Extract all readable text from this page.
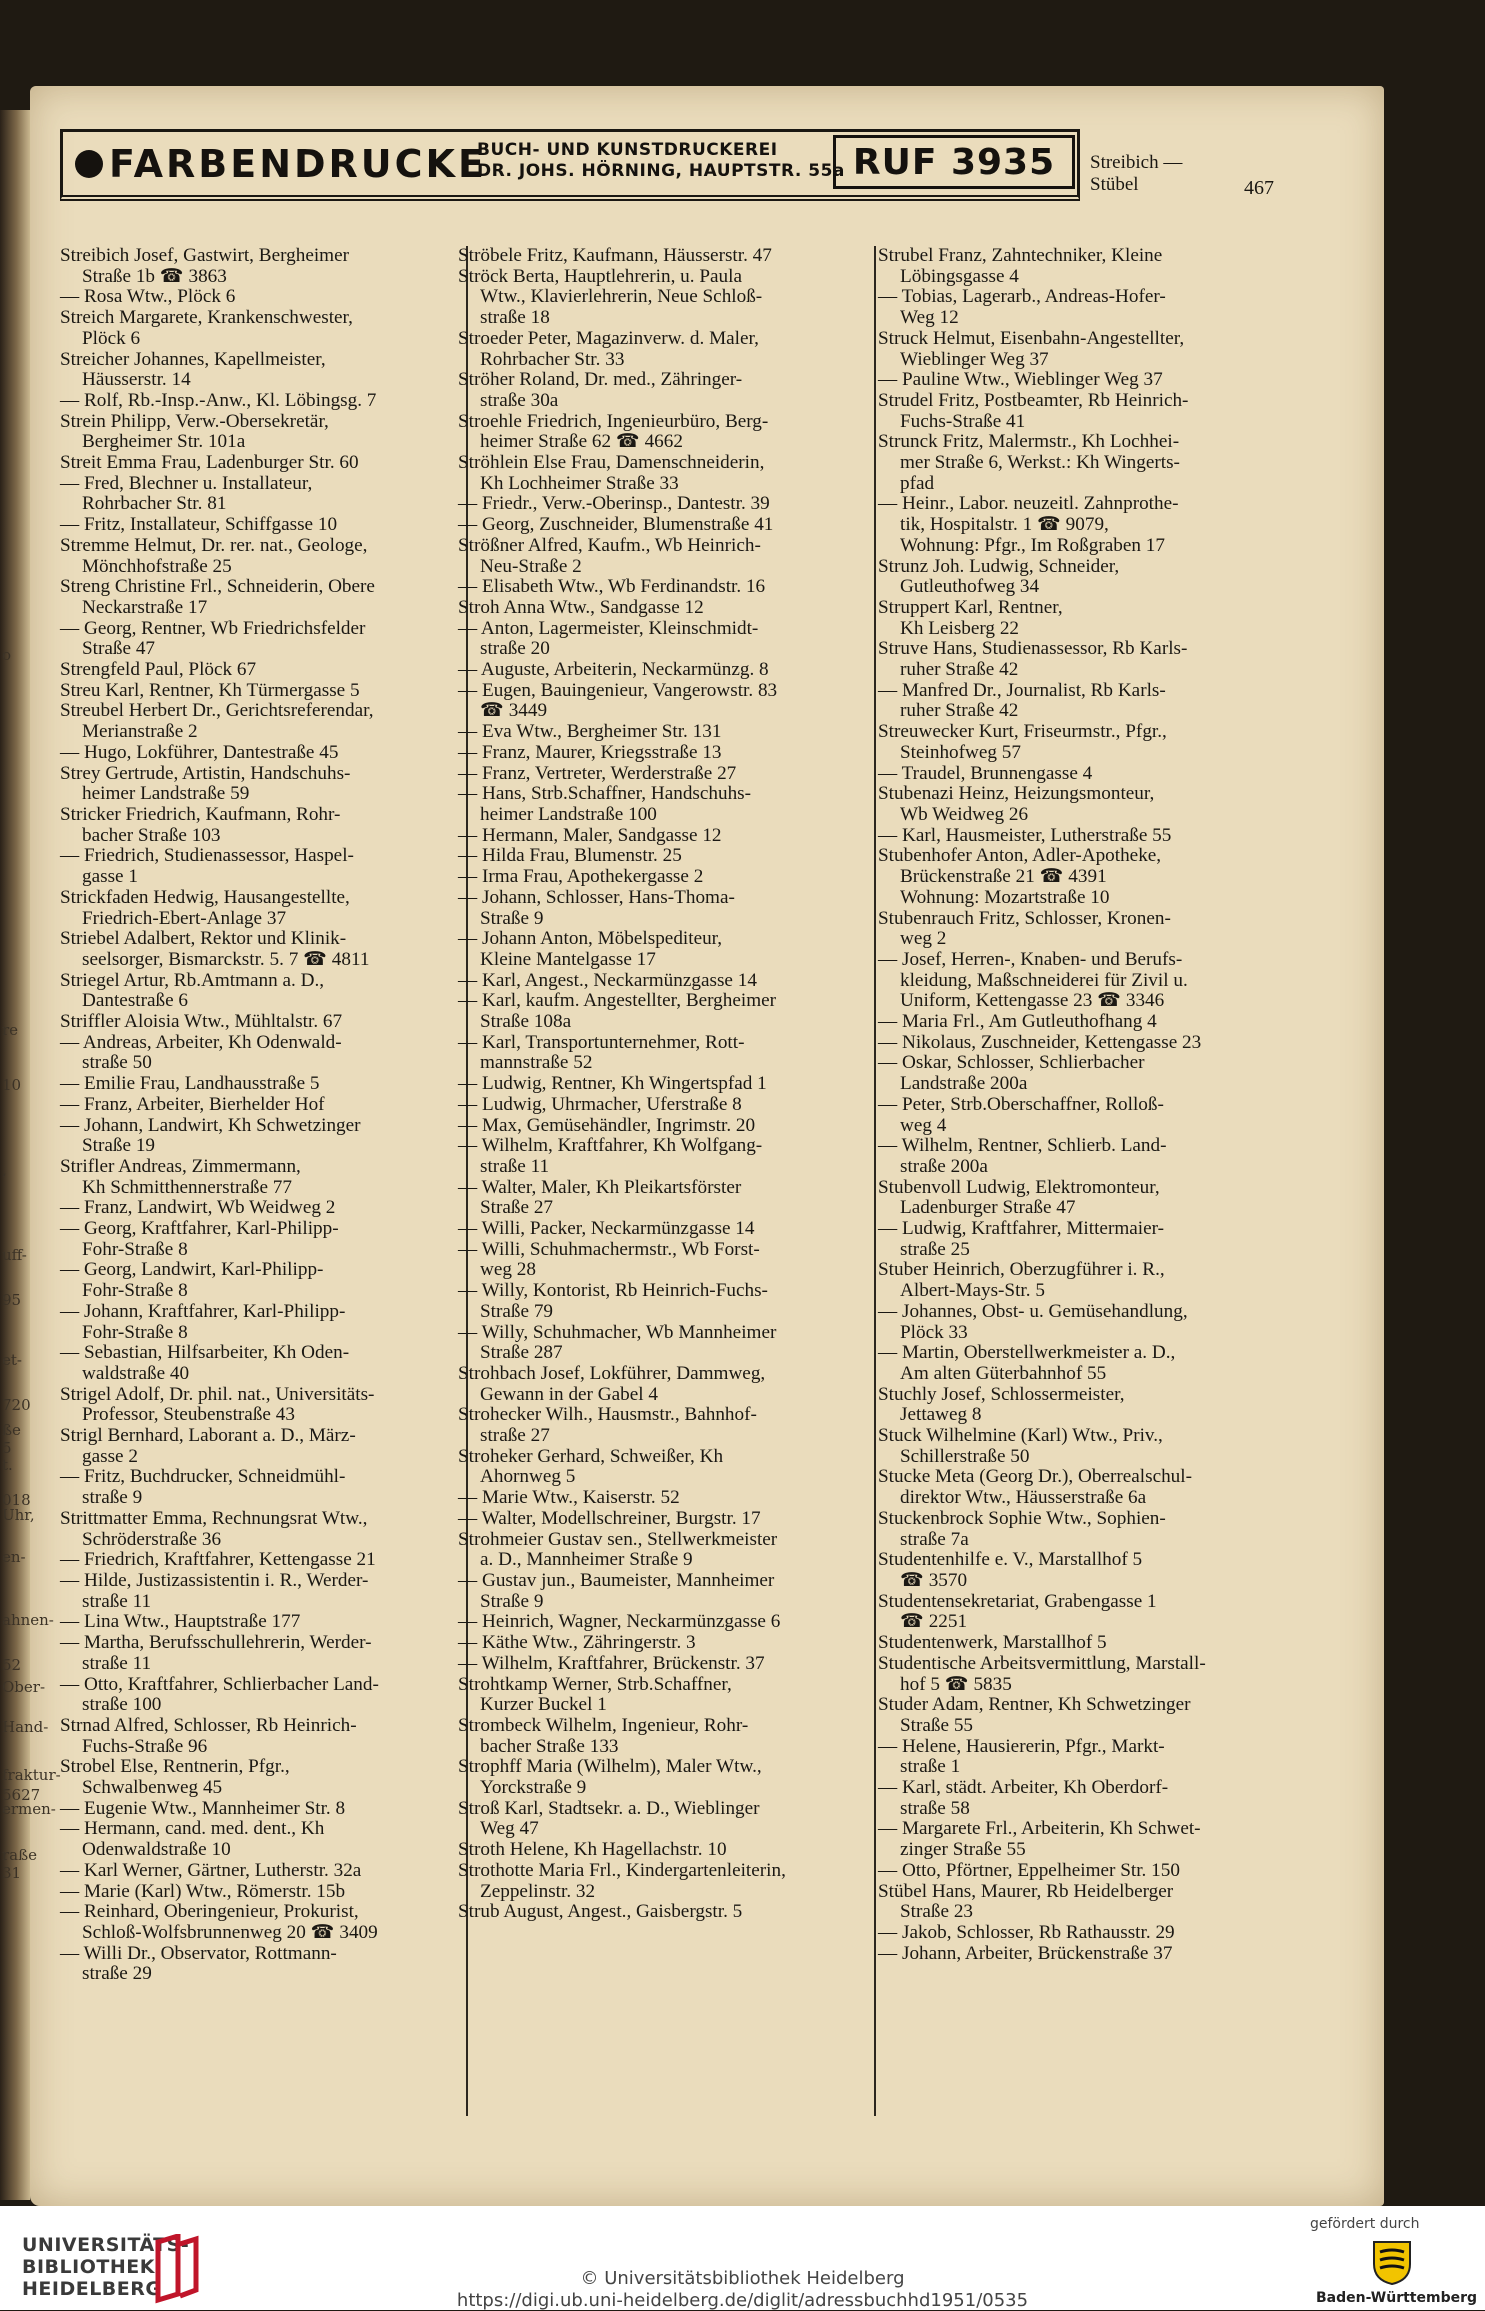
FARBENDRUCKE
BUCH- UND KUNSTDRUCKEREI
DR. JOHS. HÖRNING, HAUPTSTR. 55a RUF 3935	Streibich —
Stübel	467
Streibich Josef, Gastwirt, Bergheimer
Straße 1b ☎ 3863
— Rosa Wtw., Plöck 6
Streich Margarete, Krankenschwester,
Plöck 6
Streicher Johannes, Kapellmeister,
Häusserstr. 14
— Rolf, Rb.-Insp.-Anw., Kl. Löbingsg. 7
Strein Philipp, Verw.-Obersekretär,
Bergheimer Str. 101a
Streit Emma Frau, Ladenburger Str. 60
— Fred, Blechner u. Installateur,
Rohrbacher Str. 81
— Fritz, Installateur, Schiffgasse 10
Stremme Helmut, Dr. rer. nat., Geologe,
Mönchhofstraße 25
Streng Christine Frl., Schneiderin, Obere
Neckarstraße 17
— Georg, Rentner, Wb Friedrichsfelder
Straße 47
Strengfeld Paul, Plöck 67
Streu Karl, Rentner, Kh Türmergasse 5
Streubel Herbert Dr., Gerichtsreferendar,
Merianstraße 2
— Hugo, Lokführer, Dantestraße 45
Strey Gertrude, Artistin, Handschuhs-
heimer Landstraße 59
Stricker Friedrich, Kaufmann, Rohr-
bacher Straße 103
— Friedrich, Studienassessor, Haspel-
gasse 1
Strickfaden Hedwig, Hausangestellte,
Friedrich-Ebert-Anlage 37
Striebel Adalbert, Rektor und Klinik-
seelsorger, Bismarckstr. 5. 7 ☎ 4811
Striegel Artur, Rb.Amtmann a. D.,
Dantestraße 6
Striffler Aloisia Wtw., Mühltalstr. 67
— Andreas, Arbeiter, Kh Odenwald-
straße 50
— Emilie Frau, Landhausstraße 5
— Franz, Arbeiter, Bierhelder Hof
— Johann, Landwirt, Kh Schwetzinger
Straße 19
Strifler Andreas, Zimmermann,
Kh Schmitthennerstraße 77
— Franz, Landwirt, Wb Weidweg 2
— Georg, Kraftfahrer, Karl-Philipp-
Fohr-Straße 8
— Georg, Landwirt, Karl-Philipp-
Fohr-Straße 8
— Johann, Kraftfahrer, Karl-Philipp-
Fohr-Straße 8
— Sebastian, Hilfsarbeiter, Kh Oden-
waldstraße 40
Strigel Adolf, Dr. phil. nat., Universitäts-
Professor, Steubenstraße 43
Strigl Bernhard, Laborant a. D., März-
gasse 2
— Fritz, Buchdrucker, Schneidmühl-
straße 9
Strittmatter Emma, Rechnungsrat Wtw.,
Schröderstraße 36
— Friedrich, Kraftfahrer, Kettengasse 21
— Hilde, Justizassistentin i. R., Werder-
straße 11
— Lina Wtw., Hauptstraße 177
— Martha, Berufsschullehrerin, Werder-
straße 11
— Otto, Kraftfahrer, Schlierbacher Land-
straße 100
Strnad Alfred, Schlosser, Rb Heinrich-
Fuchs-Straße 96
Strobel Else, Rentnerin, Pfgr.,
Schwalbenweg 45
— Eugenie Wtw., Mannheimer Str. 8
— Hermann, cand. med. dent., Kh
Odenwaldstraße 10
— Karl Werner, Gärtner, Lutherstr. 32a
— Marie (Karl) Wtw., Römerstr. 15b
— Reinhard, Oberingenieur, Prokurist,
Schloß-Wolfsbrunnenweg 20 ☎ 3409
— Willi Dr., Observator, Rottmann-
straße 29
Ströbele Fritz, Kaufmann, Häusserstr. 47
Ströck Berta, Hauptlehrerin, u. Paula
Wtw., Klavierlehrerin, Neue Schloß-
straße 18
Stroeder Peter, Magazinverw. d. Maler,
Rohrbacher Str. 33
Ströher Roland, Dr. med., Zähringer-
straße 30a
Stroehle Friedrich, Ingenieurbüro, Berg-
heimer Straße 62 ☎ 4662
Ströhlein Else Frau, Damenschneiderin,
Kh Lochheimer Straße 33
— Friedr., Verw.-Oberinsp., Dantestr. 39
— Georg, Zuschneider, Blumenstraße 41
Strößner Alfred, Kaufm., Wb Heinrich-
Neu-Straße 2
— Elisabeth Wtw., Wb Ferdinandstr. 16
Stroh Anna Wtw., Sandgasse 12
— Anton, Lagermeister, Kleinschmidt-
straße 20
— Auguste, Arbeiterin, Neckarmünzg. 8
— Eugen, Bauingenieur, Vangerowstr. 83
☎ 3449
— Eva Wtw., Bergheimer Str. 131
— Franz, Maurer, Kriegsstraße 13
— Franz, Vertreter, Werderstraße 27
— Hans, Strb.Schaffner, Handschuhs-
heimer Landstraße 100
— Hermann, Maler, Sandgasse 12
— Hilda Frau, Blumenstr. 25
— Irma Frau, Apothekergasse 2
— Johann, Schlosser, Hans-Thoma-
Straße 9
— Johann Anton, Möbelspediteur,
Kleine Mantelgasse 17
— Karl, Angest., Neckarmünzgasse 14
— Karl, kaufm. Angestellter, Bergheimer
Straße 108a
— Karl, Transportunternehmer, Rott-
mannstraße 52
— Ludwig, Rentner, Kh Wingertspfad 1
— Ludwig, Uhrmacher, Uferstraße 8
— Max, Gemüsehändler, Ingrimstr. 20
— Wilhelm, Kraftfahrer, Kh Wolfgang-
straße 11
— Walter, Maler, Kh Pleikartsförster
Straße 27
— Willi, Packer, Neckarmünzgasse 14
— Willi, Schuhmachermstr., Wb Forst-
weg 28
— Willy, Kontorist, Rb Heinrich-Fuchs-
Straße 79
— Willy, Schuhmacher, Wb Mannheimer
Straße 287
Strohbach Josef, Lokführer, Dammweg,
Gewann in der Gabel 4
Strohecker Wilh., Hausmstr., Bahnhof-
straße 27
Stroheker Gerhard, Schweißer, Kh
Ahornweg 5
— Marie Wtw., Kaiserstr. 52
— Walter, Modellschreiner, Burgstr. 17
Strohmeier Gustav sen., Stellwerkmeister
a. D., Mannheimer Straße 9
— Gustav jun., Baumeister, Mannheimer
Straße 9
— Heinrich, Wagner, Neckarmünzgasse 6
— Käthe Wtw., Zähringerstr. 3
— Wilhelm, Kraftfahrer, Brückenstr. 37
Strohtkamp Werner, Strb.Schaffner,
Kurzer Buckel 1
Strombeck Wilhelm, Ingenieur, Rohr-
bacher Straße 133
Strophff Maria (Wilhelm), Maler Wtw.,
Yorckstraße 9
Stroß Karl, Stadtsekr. a. D., Wieblinger
Weg 47
Stroth Helene, Kh Hagellachstr. 10
Strothotte Maria Frl., Kindergartenleiterin,
Zeppelinstr. 32
Strub August, Angest., Gaisbergstr. 5
Strubel Franz, Zahntechniker, Kleine
Löbingsgasse 4
— Tobias, Lagerarb., Andreas-Hofer-
Weg 12
Struck Helmut, Eisenbahn-Angestellter,
Wieblinger Weg 37
— Pauline Wtw., Wieblinger Weg 37
Strudel Fritz, Postbeamter, Rb Heinrich-
Fuchs-Straße 41
Strunck Fritz, Malermstr., Kh Lochhei-
mer Straße 6, Werkst.: Kh Wingerts-
pfad
— Heinr., Labor. neuzeitl. Zahnprothe-
tik, Hospitalstr. 1 ☎ 9079,
Wohnung: Pfgr., Im Roßgraben 17
Strunz Joh. Ludwig, Schneider,
Gutleuthofweg 34
Struppert Karl, Rentner,
Kh Leisberg 22
Struve Hans, Studienassessor, Rb Karls-
ruher Straße 42
— Manfred Dr., Journalist, Rb Karls-
ruher Straße 42
Streuwecker Kurt, Friseurmstr., Pfgr.,
Steinhofweg 57
— Traudel, Brunnengasse 4
Stubenazi Heinz, Heizungsmonteur,
Wb Weidweg 26
— Karl, Hausmeister, Lutherstraße 55
Stubenhofer Anton, Adler-Apotheke,
Brückenstraße 21 ☎ 4391
Wohnung: Mozartstraße 10
Stubenrauch Fritz, Schlosser, Kronen-
weg 2
— Josef, Herren-, Knaben- und Berufs-
kleidung, Maßschneiderei für Zivil u.
Uniform, Kettengasse 23 ☎ 3346
— Maria Frl., Am Gutleuthofhang 4
— Nikolaus, Zuschneider, Kettengasse 23
— Oskar, Schlosser, Schlierbacher
Landstraße 200a
— Peter, Strb.Oberschaffner, Rolloß-
weg 4
— Wilhelm, Rentner, Schlierb. Land-
straße 200a
Stubenvoll Ludwig, Elektromonteur,
Ladenburger Straße 47
— Ludwig, Kraftfahrer, Mittermaier-
straße 25
Stuber Heinrich, Oberzugführer i. R.,
Albert-Mays-Str. 5
— Johannes, Obst- u. Gemüsehandlung,
Plöck 33
— Martin, Oberstellwerkmeister a. D.,
Am alten Güterbahnhof 55
Stuchly Josef, Schlossermeister,
Jettaweg 8
Stuck Wilhelmine (Karl) Wtw., Priv.,
Schillerstraße 50
Stucke Meta (Georg Dr.), Oberrealschul-
direktor Wtw., Häusserstraße 6a
Stuckenbrock Sophie Wtw., Sophien-
straße 7a
Studentenhilfe e. V., Marstallhof 5
☎ 3570
Studentensekretariat, Grabengasse 1
☎ 2251
Studentenwerk, Marstallhof 5
Studentische Arbeitsvermittlung, Marstall-
hof 5 ☎ 5835
Studer Adam, Rentner, Kh Schwetzinger
Straße 55
— Helene, Hausiererin, Pfgr., Markt-
straße 1
— Karl, städt. Arbeiter, Kh Oberdorf-
straße 58
— Margarete Frl., Arbeiterin, Kh Schwet-
zinger Straße 55
— Otto, Pförtner, Eppelheimer Str. 150
Stübel Hans, Maurer, Rb Heidelberger
Straße 23
— Jakob, Schlosser, Rb Rathausstr. 29
— Johann, Arbeiter, Brückenstraße 37
o
re
10
,
uff-
95
et-
720
ße 5
t.
018
Uhr,
en-
ahnen-
52
Ober-
Hand-
fraktur-
5627
ermen-
raße 31
UNIVERSITÄTS-
BIBLIOTHEK
HEIDELBERG	© Universitätsbibliothek Heidelberg
https://digi.ub.uni-heidelberg.de/diglit/adressbuchhd1951/0535
gefördert durch
Baden-Württemberg
